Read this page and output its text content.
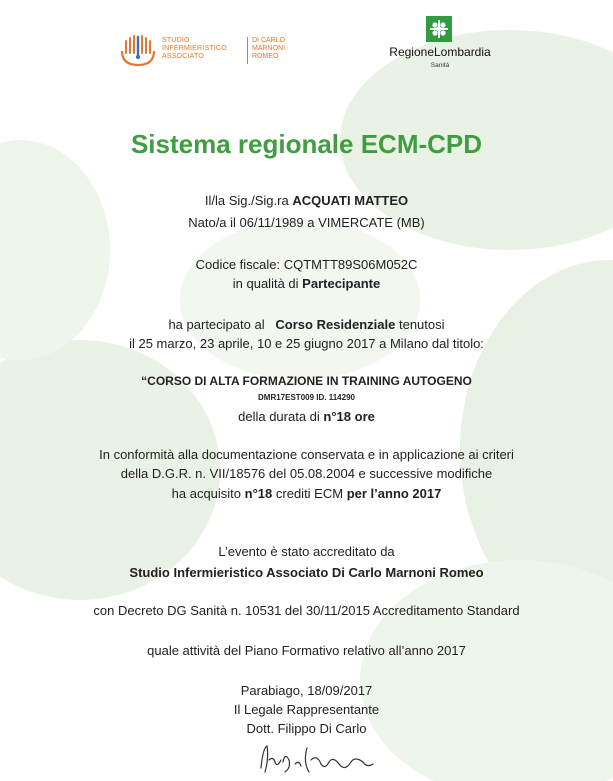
STUDIO
INFERMIERISTICO
ASSOCIATO
DI CARLO
MARNONI
ROMEO	RegioneLombardia
Sanità
Sistema regionale ECM-CPD
Il/la Sig./Sig.ra ACQUATI MATTEO
Nato/a il 06/11/1989 a VIMERCATE (MB)
Codice fiscale: CQTMTT89S06M052C
in qualità di Partecipante
ha partecipato al Corso Residenziale tenutosi
il 25 marzo, 23 aprile, 10 e 25 giugno 2017 a Milano dal titolo:
“CORSO DI ALTA FORMAZIONE IN TRAINING AUTOGENO
DMR17EST009 ID. 114290
della durata di n°18 ore
In conformità alla documentazione conservata e in applicazione ai criteri
della D.G.R. n. VII/18576 del 05.08.2004 e successive modifiche
ha acquisito n°18 crediti ECM per l’anno 2017
L’evento è stato accreditato da
Studio Infermieristico Associato Di Carlo Marnoni Romeo
con Decreto DG Sanità n. 10531 del 30/11/2015 Accreditamento Standard
quale attività del Piano Formativo relativo all’anno 2017
Parabiago, 18/09/2017
Il Legale Rappresentante
Dott. Filippo Di Carlo
